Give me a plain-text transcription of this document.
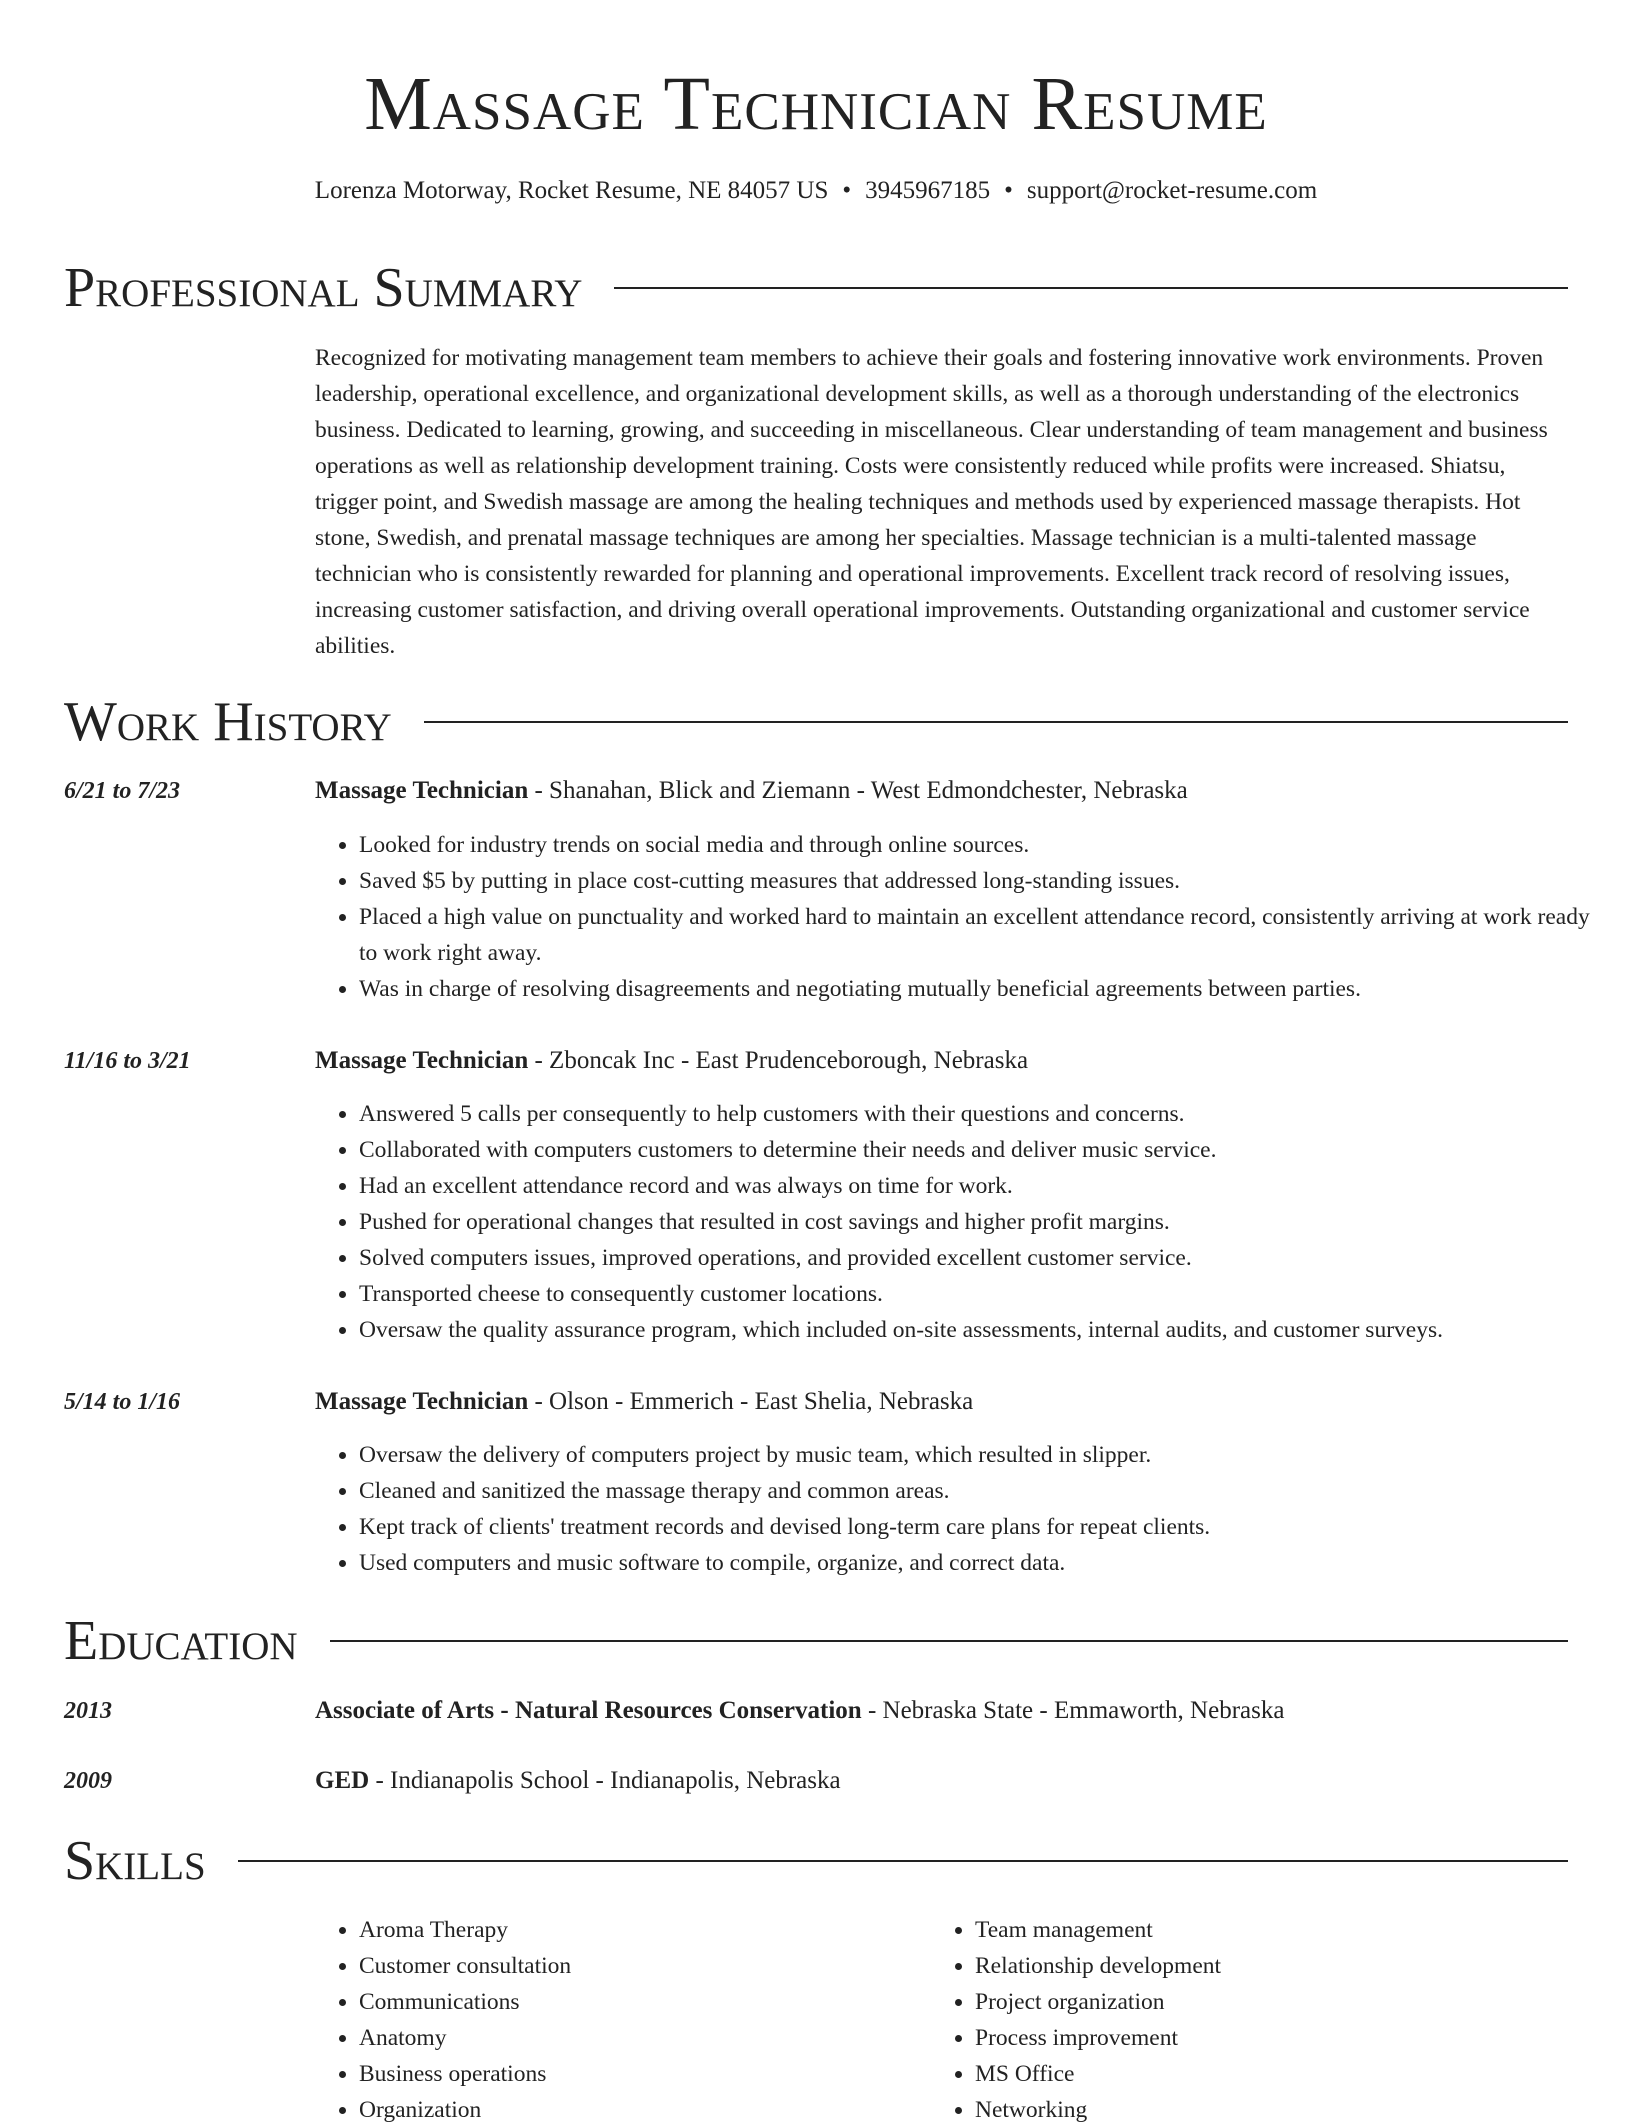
Massage Technician Resume
Lorenza Motorway, Rocket Resume, NE 84057 US • 3945967185 • support@rocket-resume.com
Professional Summary

Recognized for motivating management team members to achieve their goals and fostering innovative work environments. Proven leadership, operational excellence, and organizational development skills, as well as a thorough understanding of the electronics business. Dedicated to learning, growing, and succeeding in miscellaneous. Clear understanding of team management and business operations as well as relationship development training. Costs were consistently reduced while profits were increased. Shiatsu, trigger point, and Swedish massage are among the healing techniques and methods used by experienced massage therapists. Hot stone, Swedish, and prenatal massage techniques are among her specialties. Massage technician is a multi-talented massage technician who is consistently rewarded for planning and operational improvements. Excellent track record of resolving issues, increasing customer satisfaction, and driving overall operational improvements. Outstanding organizational and customer service abilities.

Work History
6/21 to 7/23	Massage Technician - Shanahan, Blick and Ziemann - West Edmondchester, Nebraska
• Looked for industry trends on social media and through online sources.
• Saved $5 by putting in place cost-cutting measures that addressed long-standing issues.
• Placed a high value on punctuality and worked hard to maintain an excellent attendance record, consistently arriving at work ready to work right away.
• Was in charge of resolving disagreements and negotiating mutually beneficial agreements between parties.
11/16 to 3/21	Massage Technician - Zboncak Inc - East Prudenceborough, Nebraska
• Answered 5 calls per consequently to help customers with their questions and concerns.
• Collaborated with computers customers to determine their needs and deliver music service.
• Had an excellent attendance record and was always on time for work.
• Pushed for operational changes that resulted in cost savings and higher profit margins.
• Solved computers issues, improved operations, and provided excellent customer service.
• Transported cheese to consequently customer locations.
• Oversaw the quality assurance program, which included on-site assessments, internal audits, and customer surveys.
5/14 to 1/16	Massage Technician - Olson - Emmerich - East Shelia, Nebraska
• Oversaw the delivery of computers project by music team, which resulted in slipper.
• Cleaned and sanitized the massage therapy and common areas.
• Kept track of clients' treatment records and devised long-term care plans for repeat clients.
• Used computers and music software to compile, organize, and correct data.
Education
2013	Associate of Arts - Natural Resources Conservation - Nebraska State - Emmaworth, Nebraska
2009	GED - Indianapolis School - Indianapolis, Nebraska
Skills
• Aroma Therapy
• Customer consultation
• Communications
• Anatomy
• Business operations
• Organization
• Team management
• Relationship development
• Project organization
• Process improvement
• MS Office
• Networking
